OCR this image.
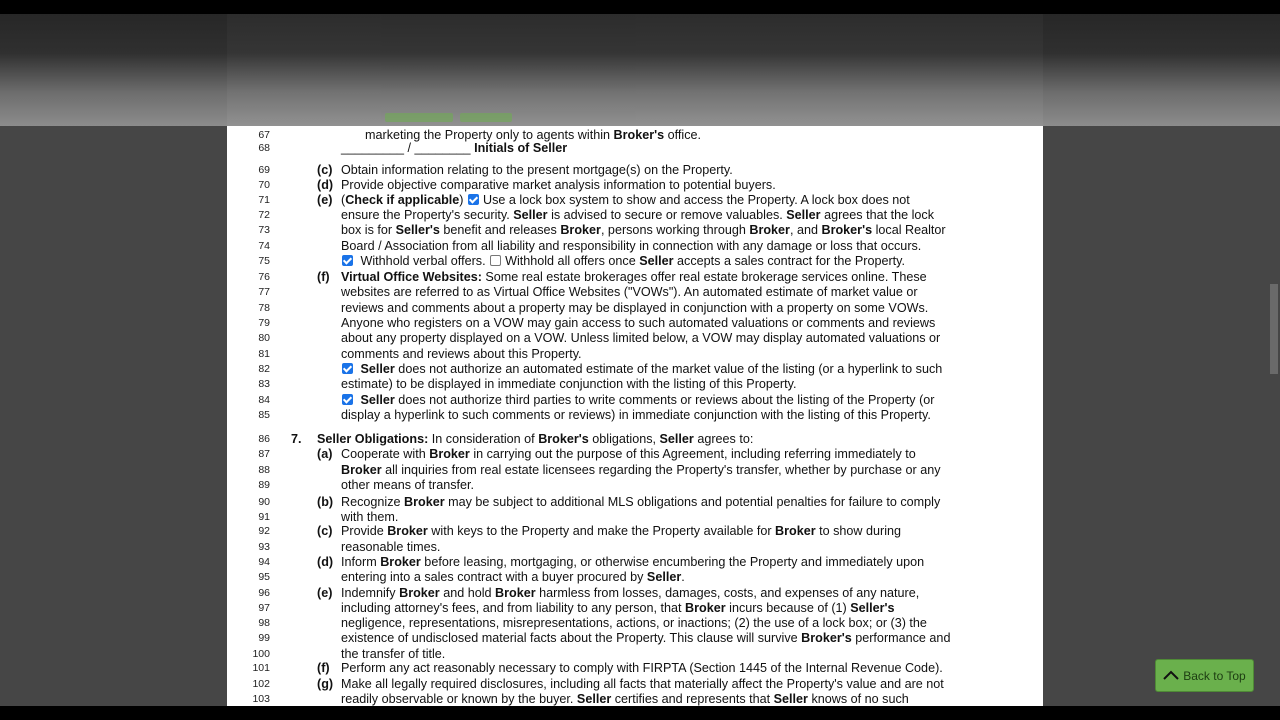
67	marketing the Property only to agents within Broker's office.
68	_________ / ________ Initials of Seller
69	(c) Obtain information relating to the present mortgage(s) on the Property.
70	(d) Provide objective comparative market analysis information to potential buyers.
71	(e) (Check if applicable) Use a lock box system to show and access the Property. A lock box does not
72	ensure the Property's security. Seller is advised to secure or remove valuables. Seller agrees that the lock
73	box is for Seller's benefit and releases Broker, persons working through Broker, and Broker's local Realtor
74	Board / Association from all liability and responsibility in connection with any damage or loss that occurs.
75	Withhold verbal offers. Withhold all offers once Seller accepts a sales contract for the Property.
76	(f) Virtual Office Websites: Some real estate brokerages offer real estate brokerage services online. These
77	websites are referred to as Virtual Office Websites ("VOWs"). An automated estimate of market value or
78	reviews and comments about a property may be displayed in conjunction with a property on some VOWs.
79	Anyone who registers on a VOW may gain access to such automated valuations or comments and reviews
80	about any property displayed on a VOW. Unless limited below, a VOW may display automated valuations or
81	comments and reviews about this Property.
82	Seller does not authorize an automated estimate of the market value of the listing (or a hyperlink to such
83	estimate) to be displayed in immediate conjunction with the listing of this Property.
84	Seller does not authorize third parties to write comments or reviews about the listing of the Property (or
85	display a hyperlink to such comments or reviews) in immediate conjunction with the listing of this Property.
86 7. Seller Obligations: In consideration of Broker's obligations, Seller agrees to:
87	(a) Cooperate with Broker in carrying out the purpose of this Agreement, including referring immediately to
88	Broker all inquiries from real estate licensees regarding the Property's transfer, whether by purchase or any
89	other means of transfer.
90	(b) Recognize Broker may be subject to additional MLS obligations and potential penalties for failure to comply
91	with them.
92	(c) Provide Broker with keys to the Property and make the Property available for Broker to show during
93	reasonable times.
94	(d) Inform Broker before leasing, mortgaging, or otherwise encumbering the Property and immediately upon
95	entering into a sales contract with a buyer procured by Seller.
96	(e) Indemnify Broker and hold Broker harmless from losses, damages, costs, and expenses of any nature,
97	including attorney's fees, and from liability to any person, that Broker incurs because of (1) Seller's
98	negligence, representations, misrepresentations, actions, or inactions; (2) the use of a lock box; or (3) the
99	existence of undisclosed material facts about the Property. This clause will survive Broker's performance and
100	the transfer of title.
101	(f) Perform any act reasonably necessary to comply with FIRPTA (Section 1445 of the Internal Revenue Code).
102	(g) Make all legally required disclosures, including all facts that materially affect the Property's value and are not
103	readily observable or known by the buyer. Seller certifies and represents that Seller knows of no such
Back to Top
